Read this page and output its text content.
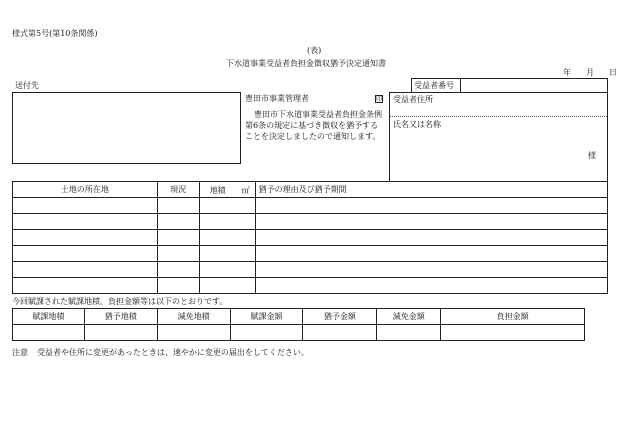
様式第5号(第10条関係)
(表)
下水道事業受益者負担金徴収猶予決定通知書
年 月 日
送付先
豊田市事業管理者	印
豊田市下水道事業受益者負担金条例
第6条の規定に基づき徴収を猶予する
ことを決定しましたので通知します。
受益者番号
受益者住所
氏名又は名称
様
土地の所在地	現況	地積 ㎡	猶予の理由及び猶予期間

今回賦課された賦課地積、負担金額等は以下のとおりです。
賦課地積	猶予地積	減免地積	賦課金額	猶予金額	減免金額	負担金額

注意 受益者や住所に変更があったときは、速やかに変更の届出をしてください。
